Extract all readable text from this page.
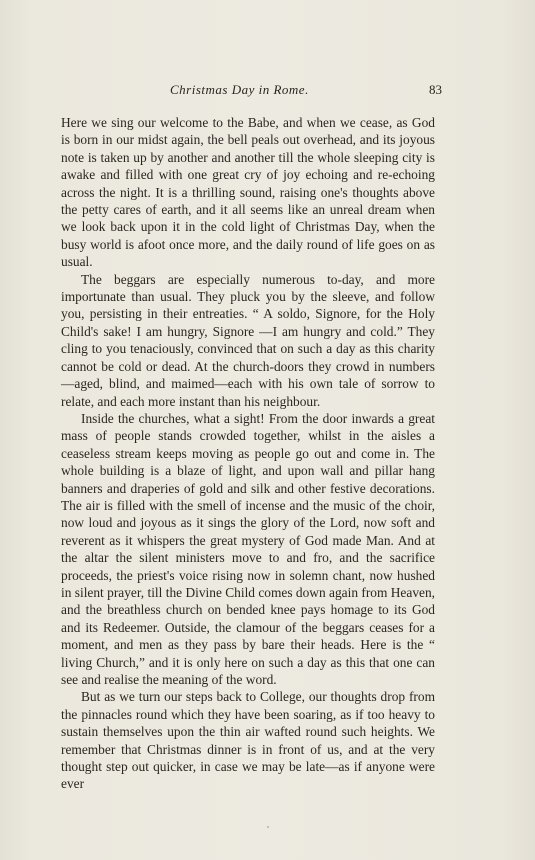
Christmas Day in Rome.	83

Here we sing our welcome to the Babe, and when we cease, as God is born in our midst again, the bell peals out overhead, and its joyous note is taken up by another and another till the whole sleeping city is awake and filled with one great cry of joy echoing and re-echoing across the night. It is a thrilling sound, raising one's thoughts above the petty cares of earth, and it all seems like an unreal dream when we look back upon it in the cold light of Christmas Day, when the busy world is afoot once more, and the daily round of life goes on as usual.

The beggars are especially numerous to-day, and more importunate than usual. They pluck you by the sleeve, and follow you, persisting in their entreaties. “ A soldo, Signore, for the Holy Child's sake! I am hungry, Signore —I am hungry and cold.” They cling to you tenaciously, convinced that on such a day as this charity cannot be cold or dead. At the church-doors they crowd in numbers—aged, blind, and maimed—each with his own tale of sorrow to relate, and each more instant than his neighbour.

Inside the churches, what a sight! From the door inwards a great mass of people stands crowded together, whilst in the aisles a ceaseless stream keeps moving as people go out and come in. The whole building is a blaze of light, and upon wall and pillar hang banners and draperies of gold and silk and other festive decorations. The air is filled with the smell of incense and the music of the choir, now loud and joyous as it sings the glory of the Lord, now soft and reverent as it whispers the great mystery of God made Man. And at the altar the silent ministers move to and fro, and the sacrifice proceeds, the priest's voice rising now in solemn chant, now hushed in silent prayer, till the Divine Child comes down again from Heaven, and the breathless church on bended knee pays homage to its God and its Redeemer. Outside, the clamour of the beggars ceases for a moment, and men as they pass by bare their heads. Here is the “ living Church,” and it is only here on such a day as this that one can see and realise the meaning of the word.

But as we turn our steps back to College, our thoughts drop from the pinnacles round which they have been soaring, as if too heavy to sustain themselves upon the thin air wafted round such heights. We remember that Christmas dinner is in front of us, and at the very thought step out quicker, in case we may be late—as if anyone were ever
